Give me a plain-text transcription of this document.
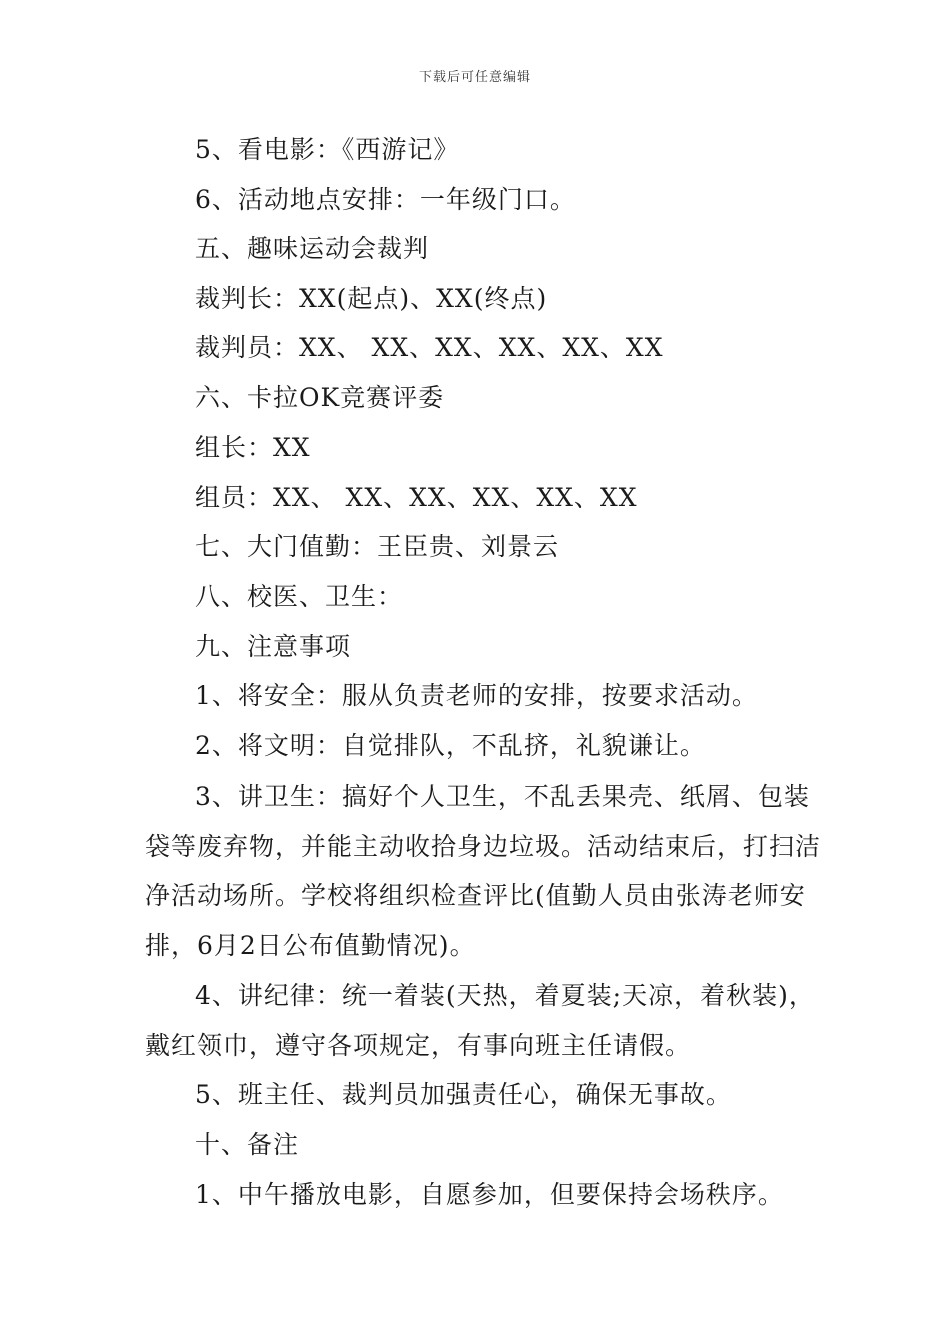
下载后可任意编辑
5、看电影：《西游记》
6、活动地点安排：一年级门口。
五、趣味运动会裁判
裁判长：XX(起点)、XX(终点)
裁判员：XX、 XX、XX、XX、XX、XX
六、卡拉OK竞赛评委
组长：XX
组员：XX、 XX、XX、XX、XX、XX
七、大门值勤：王臣贵、刘景云
八、校医、卫生：
九、注意事项
1、将安全：服从负责老师的安排，按要求活动。
2、将文明：自觉排队，不乱挤，礼貌谦让。
3、讲卫生：搞好个人卫生，不乱丢果壳、纸屑、包装袋等废弃物，并能主动收拾身边垃圾。活动结束后，打扫洁净活动场所。学校将组织检查评比(值勤人员由张涛老师安排，6月2日公布值勤情况)。
4、讲纪律：统一着装(天热，着夏装;天凉，着秋装)，戴红领巾，遵守各项规定，有事向班主任请假。
5、班主任、裁判员加强责任心，确保无事故。
十、备注
1、中午播放电影，自愿参加，但要保持会场秩序。
